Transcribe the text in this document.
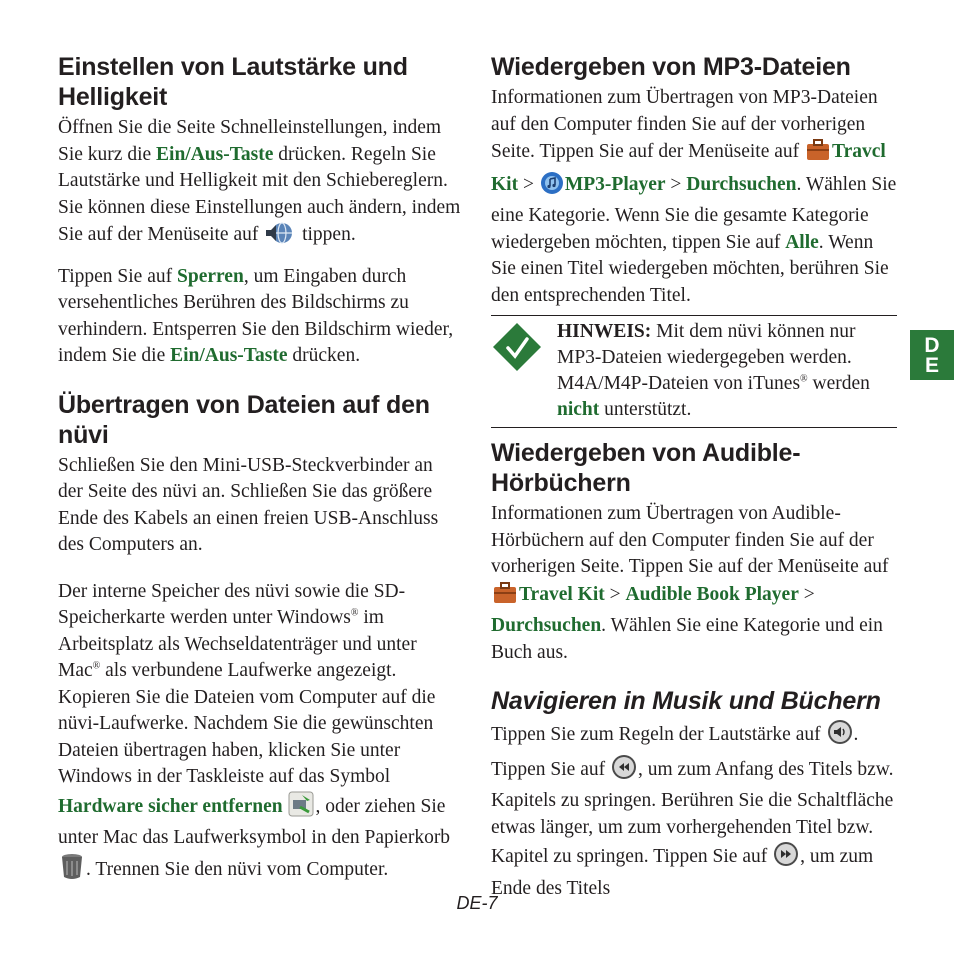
Einstellen von Lautstärke und Helligkeit

Öffnen Sie die Seite Schnelleinstellungen, indem Sie kurz die Ein/Aus-Taste drücken. Regeln Sie Lautstärke und Helligkeit mit den Schiebereglern. Sie können diese Einstellungen auch ändern, indem Sie auf der Menüseite auf  tippen.

Tippen Sie auf Sperren, um Eingaben durch versehentliches Berühren des Bildschirms zu verhindern. Entsperren Sie den Bildschirm wieder, indem Sie die Ein/Aus-Taste drücken.

Übertragen von Dateien auf den nüvi

Schließen Sie den Mini-USB-Steckverbinder an der Seite des nüvi an. Schließen Sie das größere Ende des Kabels an einen freien USB-Anschluss des Computers an.

Der interne Speicher des nüvi sowie die SD-Speicherkarte werden unter Windows® im Arbeitsplatz als Wechseldatenträger und unter Mac® als verbundene Laufwerke angezeigt. Kopieren Sie die Dateien vom Computer auf die nüvi-Laufwerke. Nachdem Sie die gewünschten Dateien übertragen haben, klicken Sie unter Windows in der Taskleiste auf das Symbol Hardware sicher entfernen , oder ziehen Sie unter Mac das Laufwerksymbol in den Papierkorb . Trennen Sie den nüvi vom Computer.

Wiedergeben von MP3-Dateien

Informationen zum Übertragen von MP3-Dateien auf den Computer finden Sie auf der vorherigen Seite. Tippen Sie auf der Menüseite auf Travcl Kit > MP3-Player > Durchsuchen. Wählen Sie eine Kategorie. Wenn Sie die gesamte Kategorie wiedergeben möchten, tippen Sie auf Alle. Wenn Sie einen Titel wiedergeben möchten, berühren Sie den entsprechenden Titel.

HINWEIS: Mit dem nüvi können nur MP3-Dateien wiedergegeben werden. M4A/M4P-Dateien von iTunes® werden nicht unterstützt.
Wiedergeben von Audible-Hörbüchern

Informationen zum Übertragen von Audible-Hörbüchern auf den Computer finden Sie auf der vorherigen Seite. Tippen Sie auf der Menüseite auf Travel Kit > Audible Book Player > Durchsuchen. Wählen Sie eine Kategorie und ein Buch aus.

Navigieren in Musik und Büchern

Tippen Sie zum Regeln der Lautstärke auf . Tippen Sie auf , um zum Anfang des Titels bzw. Kapitels zu springen. Berühren Sie die Schaltfläche etwas länger, um zum vorhergehenden Titel bzw. Kapitel zu springen. Tippen Sie auf , um zum Ende des Titels

D
E
DE-7
